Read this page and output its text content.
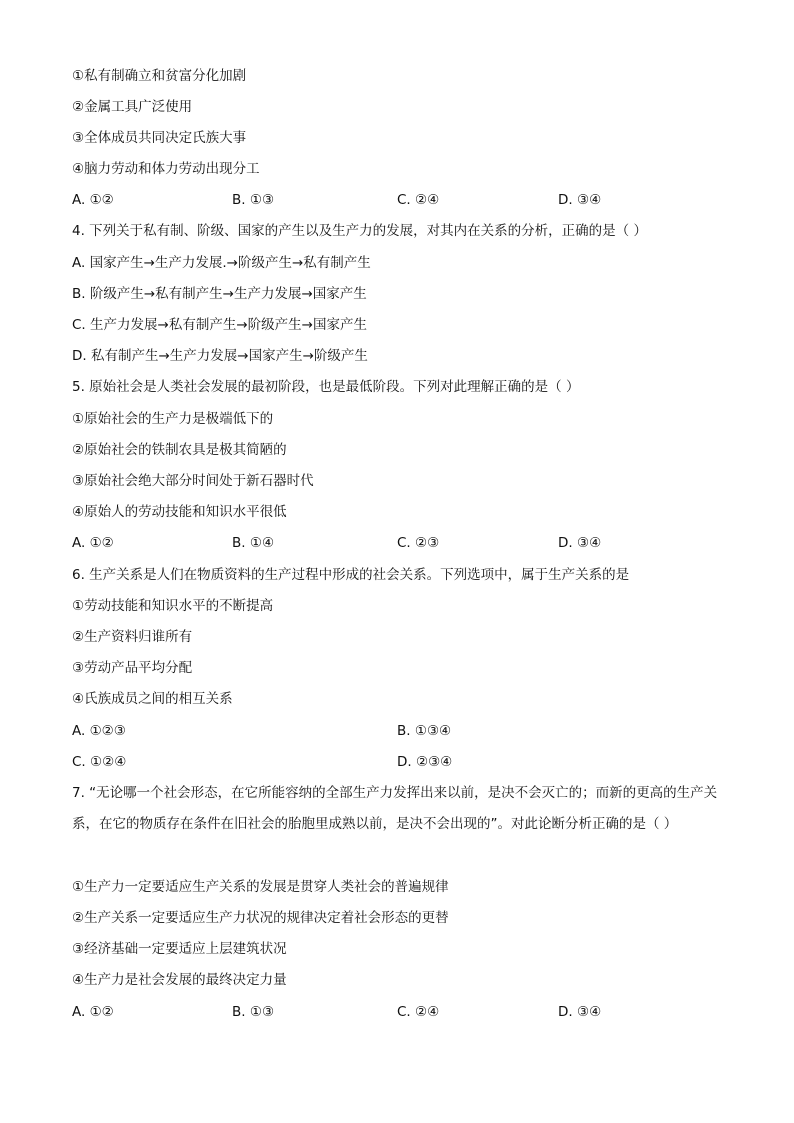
①私有制确立和贫富分化加剧
②金属工具广泛使用
③全体成员共同决定氏族大事
④脑力劳动和体力劳动出现分工
A. ①②	B. ①③	C. ②④	D. ③④
4. 下列关于私有制、阶级、国家的产生以及生产力的发展，对其内在关系的分析，正确的是（ ）
A. 国家产生→生产力发展.→阶级产生→私有制产生
B. 阶级产生→私有制产生→生产力发展→国家产生
C. 生产力发展→私有制产生→阶级产生→国家产生
D. 私有制产生→生产力发展→国家产生→阶级产生
5. 原始社会是人类社会发展的最初阶段，也是最低阶段。下列对此理解正确的是（ ）
①原始社会的生产力是极端低下的
②原始社会的铁制农具是极其简陋的
③原始社会绝大部分时间处于新石器时代
④原始人的劳动技能和知识水平很低
A. ①②	B. ①④	C. ②③	D. ③④
6. 生产关系是人们在物质资料的生产过程中形成的社会关系。下列选项中，属于生产关系的是
①劳动技能和知识水平的不断提高
②生产资料归谁所有
③劳动产品平均分配
④氏族成员之间的相互关系
A. ①②③	B. ①③④
C. ①②④	D. ②③④
7. “无论哪一个社会形态，在它所能容纳的全部生产力发挥出来以前，是决不会灭亡的；而新的更高的生产关系，在它的物质存在条件在旧社会的胎胞里成熟以前，是决不会出现的”。对此论断分析正确的是（ ）
①生产力一定要适应生产关系的发展是贯穿人类社会的普遍规律
②生产关系一定要适应生产力状况的规律决定着社会形态的更替
③经济基础一定要适应上层建筑状况
④生产力是社会发展的最终决定力量
A. ①②	B. ①③	C. ②④	D. ③④
